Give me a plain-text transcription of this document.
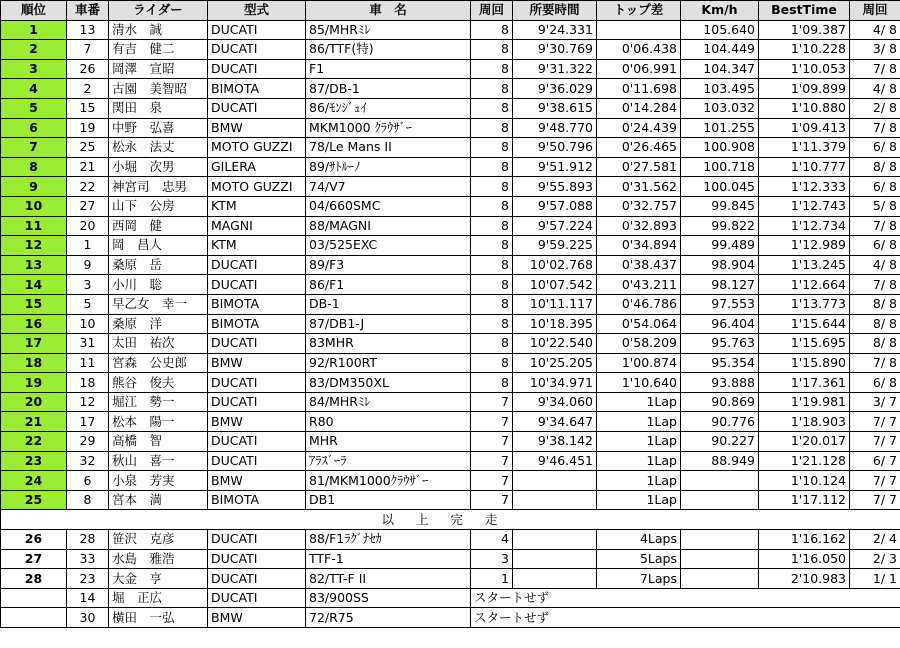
順位	車番	ライダー	型式	車　名	周回	所要時間	トップ差	Km/h	BestTime	周回
1	13	清水　誠	DUCATI	85/MHRﾐﾚ	8	9'24.331		105.640	1'09.387	4/ 8
2	7	有吉　健二	DUCATI	86/TTF(特)	8	9'30.769	0'06.438	104.449	1'10.228	3/ 8
3	26	岡澤　宣昭	DUCATI	F1	8	9'31.322	0'06.991	104.347	1'10.053	7/ 8
4	2	古園　美智昭	BIMOTA	87/DB-1	8	9'36.029	0'11.698	103.495	1'09.899	4/ 8
5	15	関田　泉	DUCATI	86/ﾓﾝｼﾞｭｲ	8	9'38.615	0'14.284	103.032	1'10.880	2/ 8
6	19	中野　弘喜	BMW	MKM1000 ｸﾗｳｻﾞｰ	8	9'48.770	0'24.439	101.255	1'09.413	7/ 8
7	25	松永　法丈	MOTO GUZZI	78/Le Mans II	8	9'50.796	0'26.465	100.908	1'11.379	6/ 8
8	21	小堀　次男	GILERA	89/ｻﾄﾙｰﾉ	8	9'51.912	0'27.581	100.718	1'10.777	8/ 8
9	22	神宮司　忠男	MOTO GUZZI	74/V7	8	9'55.893	0'31.562	100.045	1'12.333	6/ 8
10	27	山下　公房	KTM	04/660SMC	8	9'57.088	0'32.757	99.845	1'12.743	5/ 8
11	20	西岡　健	MAGNI	88/MAGNI	8	9'57.224	0'32.893	99.822	1'12.734	7/ 8
12	1	岡　昌人	KTM	03/525EXC	8	9'59.225	0'34.894	99.489	1'12.989	6/ 8
13	9	桑原　岳	DUCATI	89/F3	8	10'02.768	0'38.437	98.904	1'13.245	4/ 8
14	3	小川　聡	DUCATI	86/F1	8	10'07.542	0'43.211	98.127	1'12.664	7/ 8
15	5	早乙女　幸一	BIMOTA	DB-1	8	10'11.117	0'46.786	97.553	1'13.773	8/ 8
16	10	桑原　洋	BIMOTA	87/DB1-J	8	10'18.395	0'54.064	96.404	1'15.644	8/ 8
17	31	太田　祐次	DUCATI	83MHR	8	10'22.540	0'58.209	95.763	1'15.695	8/ 8
18	11	宮森　公史郎	BMW	92/R100RT	8	10'25.205	1'00.874	95.354	1'15.890	7/ 8
19	18	熊谷　俊夫	DUCATI	83/DM350XL	8	10'34.971	1'10.640	93.888	1'17.361	6/ 8
20	12	堀江　勢一	DUCATI	84/MHRﾐﾚ	7	9'34.060	1Lap	90.869	1'19.981	3/ 7
21	17	松本　陽一	BMW	R80	7	9'34.647	1Lap	90.776	1'18.903	7/ 7
22	29	高橋　智	DUCATI	MHR	7	9'38.142	1Lap	90.227	1'20.017	7/ 7
23	32	秋山　喜一	DUCATI	ｱﾗｽﾞｰﾗ	7	9'46.451	1Lap	88.949	1'21.128	6/ 7
24	6	小泉　芳実	BMW	81/MKM1000ｸﾗｳｻﾞｰ	7		1Lap		1'10.124	7/ 7
25	8	宮本　満	BIMOTA	DB1	7		1Lap		1'17.112	7/ 7
以上完走										
26	28	笹沢　克彦	DUCATI	88/F1ﾗｸﾞﾅｾｶ	4		4Laps		1'16.162	2/ 4
27	33	水島　雅浩	DUCATI	TTF-1	3		5Laps		1'16.050	2/ 3
28	23	大金　亨	DUCATI	82/TT-F II	1		7Laps		2'10.983	1/ 1
	14	堀　正広	DUCATI	83/900SS	スタートせず					
	30	横田　一弘	BMW	72/R75	スタートせず					
